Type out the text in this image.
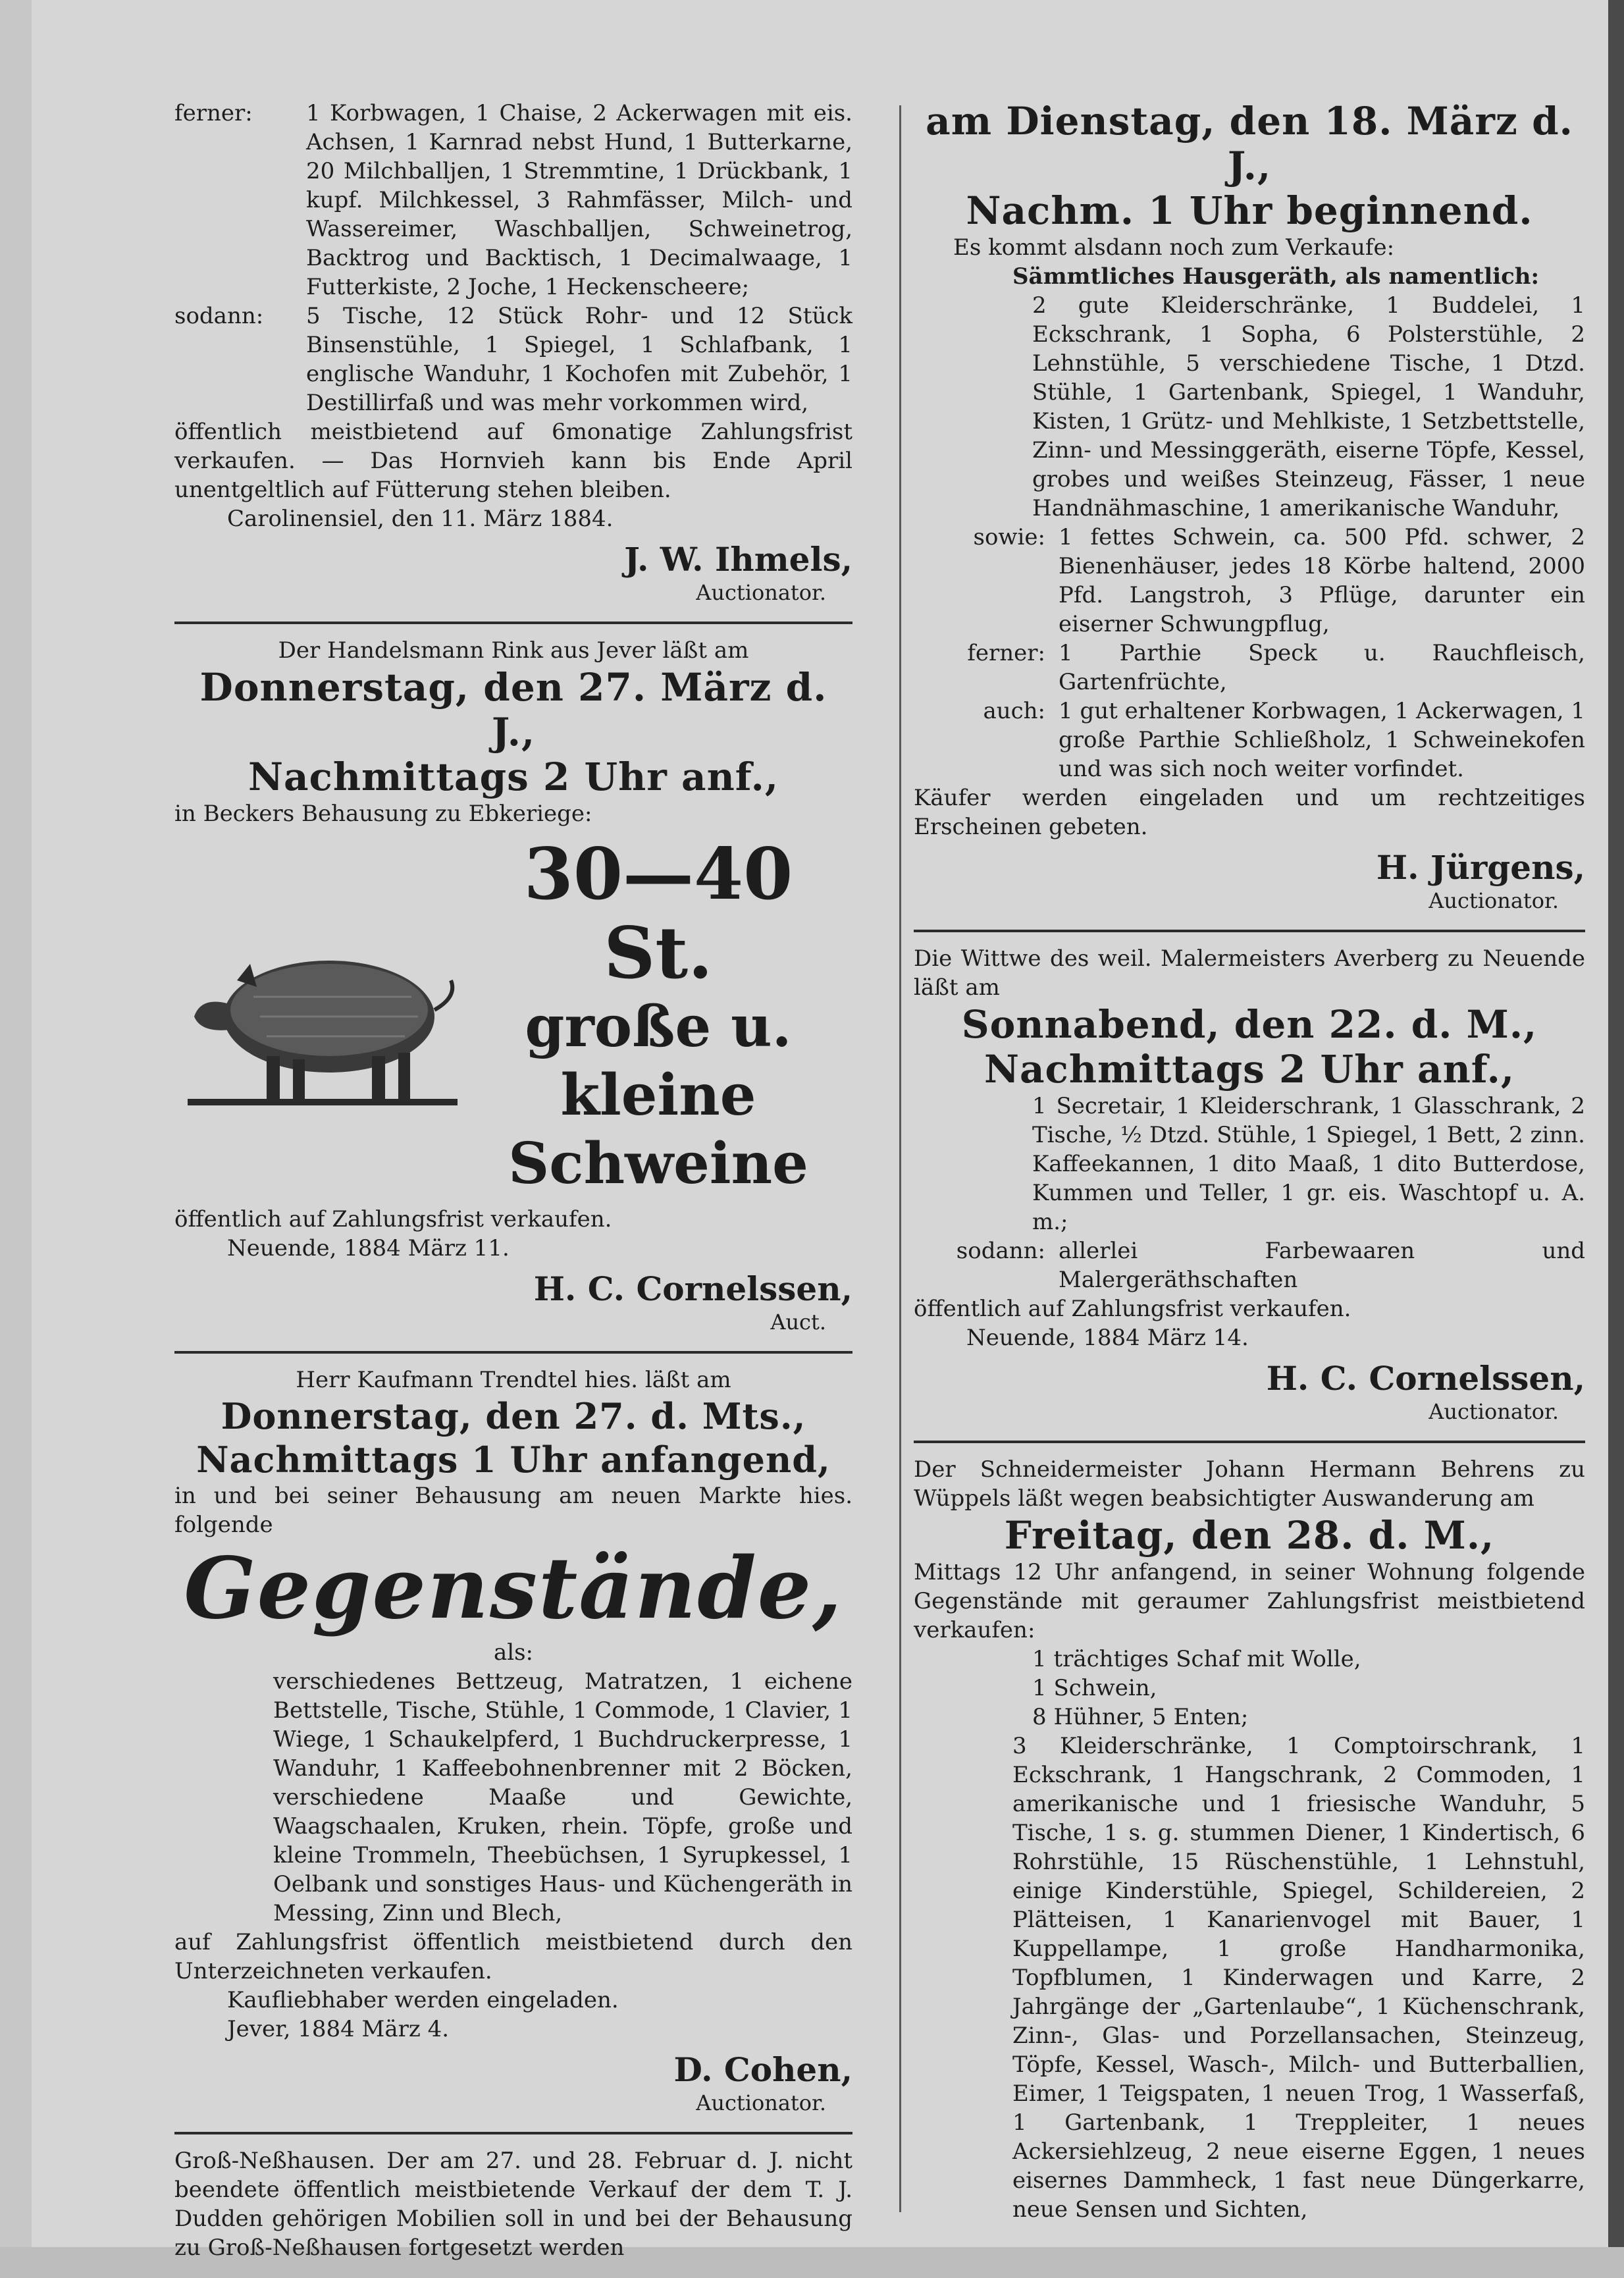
ferner:	1 Korbwagen, 1 Chaise, 2 Ackerwagen mit eis. Achsen, 1 Karnrad nebst Hund, 1 Butterkarne, 20 Milchballjen, 1 Stremmtine, 1 Drückbank, 1 kupf. Milchkessel, 3 Rahmfässer, Milch- und Wassereimer, Waschballjen, Schweinetrog, Backtrog und Backtisch, 1 Decimalwaage, 1 Futterkiste, 2 Joche, 1 Heckenscheere;
sodann:	5 Tische, 12 Stück Rohr- und 12 Stück Binsenstühle, 1 Spiegel, 1 Schlafbank, 1 englische Wanduhr, 1 Kochofen mit Zubehör, 1 Destillirfaß und was mehr vorkommen wird,
öffentlich meistbietend auf 6monatige Zahlungsfrist verkaufen. — Das Hornvieh kann bis Ende April unentgeltlich auf Fütterung stehen bleiben.
Carolinensiel, den 11. März 1884.
J. W. Ihmels,
Auctionator.
Der Handelsmann Rink aus Jever läßt am
Donnerstag, den 27. März d. J.,
Nachmittags 2 Uhr anf.,
in Beckers Behausung zu Ebkeriege:
30—40 St.
große u. kleine
Schweine
öffentlich auf Zahlungsfrist verkaufen.
Neuende, 1884 März 11.
H. C. Cornelssen,
Auct.
Herr Kaufmann Trendtel hies. läßt am
Donnerstag, den 27. d. Mts.,
Nachmittags 1 Uhr anfangend,
in und bei seiner Behausung am neuen Markte hies. folgende
Gegenstände,
als:
verschiedenes Bettzeug, Matratzen, 1 eichene Bettstelle, Tische, Stühle, 1 Commode, 1 Clavier, 1 Wiege, 1 Schaukelpferd, 1 Buchdruckerpresse, 1 Wanduhr, 1 Kaffeebohnenbrenner mit 2 Böcken, verschiedene Maaße und Gewichte, Waagschaalen, Kruken, rhein. Töpfe, große und kleine Trommeln, Theebüchsen, 1 Syrupkessel, 1 Oelbank und sonstiges Haus- und Küchengeräth in Messing, Zinn und Blech,
auf Zahlungsfrist öffentlich meistbietend durch den Unterzeichneten verkaufen.
Kaufliebhaber werden eingeladen.
Jever, 1884 März 4.
D. Cohen,
Auctionator.
Groß-Neßhausen. Der am 27. und 28. Februar d. J. nicht beendete öffentlich meistbietende Verkauf der dem T. J. Dudden gehörigen Mobilien soll in und bei der Behausung zu Groß-Neßhausen fortgesetzt werden
am Dienstag, den 18. März d. J.,
Nachm. 1 Uhr beginnend.
Es kommt alsdann noch zum Verkaufe:
Sämmtliches Hausgeräth, als namentlich:
2 gute Kleiderschränke, 1 Buddelei, 1 Eckschrank, 1 Sopha, 6 Polsterstühle, 2 Lehnstühle, 5 verschiedene Tische, 1 Dtzd. Stühle, 1 Gartenbank, Spiegel, 1 Wanduhr, Kisten, 1 Grütz- und Mehlkiste, 1 Setzbettstelle, Zinn- und Messinggeräth, eiserne Töpfe, Kessel, grobes und weißes Steinzeug, Fässer, 1 neue Handnähmaschine, 1 amerikanische Wanduhr,
sowie: 1 fettes Schwein, ca. 500 Pfd. schwer, 2 Bienenhäuser, jedes 18 Körbe haltend, 2000 Pfd. Langstroh, 3 Pflüge, darunter ein eiserner Schwungpflug,
ferner: 1 Parthie Speck u. Rauchfleisch, Gartenfrüchte,
auch: 1 gut erhaltener Korbwagen, 1 Ackerwagen, 1 große Parthie Schließholz, 1 Schweinekofen und was sich noch weiter vorfindet.
Käufer werden eingeladen und um rechtzeitiges Erscheinen gebeten.
H. Jürgens,
Auctionator.
Die Wittwe des weil. Malermeisters Averberg zu Neuende läßt am
Sonnabend, den 22. d. M.,
Nachmittags 2 Uhr anf.,
1 Secretair, 1 Kleiderschrank, 1 Glasschrank, 2 Tische, ½ Dtzd. Stühle, 1 Spiegel, 1 Bett, 2 zinn. Kaffeekannen, 1 dito Maaß, 1 dito Butterdose, Kummen und Teller, 1 gr. eis. Waschtopf u. A. m.;
sodann: allerlei Farbewaaren und Malergeräthschaften
öffentlich auf Zahlungsfrist verkaufen.
Neuende, 1884 März 14.
H. C. Cornelssen,
Auctionator.
Der Schneidermeister Johann Hermann Behrens zu Wüppels läßt wegen beabsichtigter Auswanderung am
Freitag, den 28. d. M.,
Mittags 12 Uhr anfangend, in seiner Wohnung folgende Gegenstände mit geraumer Zahlungsfrist meistbietend verkaufen:
1 trächtiges Schaf mit Wolle,
1 Schwein,
8 Hühner, 5 Enten;
3 Kleiderschränke, 1 Comptoirschrank, 1 Eckschrank, 1 Hangschrank, 2 Commoden, 1 amerikanische und 1 friesische Wanduhr, 5 Tische, 1 s. g. stummen Diener, 1 Kindertisch, 6 Rohrstühle, 15 Rüschenstühle, 1 Lehnstuhl, einige Kinderstühle, Spiegel, Schildereien, 2 Plätteisen, 1 Kanarienvogel mit Bauer, 1 Kuppellampe, 1 große Handharmonika, Topfblumen, 1 Kinderwagen und Karre, 2 Jahrgänge der „Gartenlaube“, 1 Küchenschrank, Zinn-, Glas- und Porzellansachen, Steinzeug, Töpfe, Kessel, Wasch-, Milch- und Butterballien, Eimer, 1 Teigspaten, 1 neuen Trog, 1 Wasserfaß, 1 Gartenbank, 1 Treppleiter, 1 neues Ackersiehlzeug, 2 neue eiserne Eggen, 1 neues eisernes Dammheck, 1 fast neue Düngerkarre, neue Sensen und Sichten,
